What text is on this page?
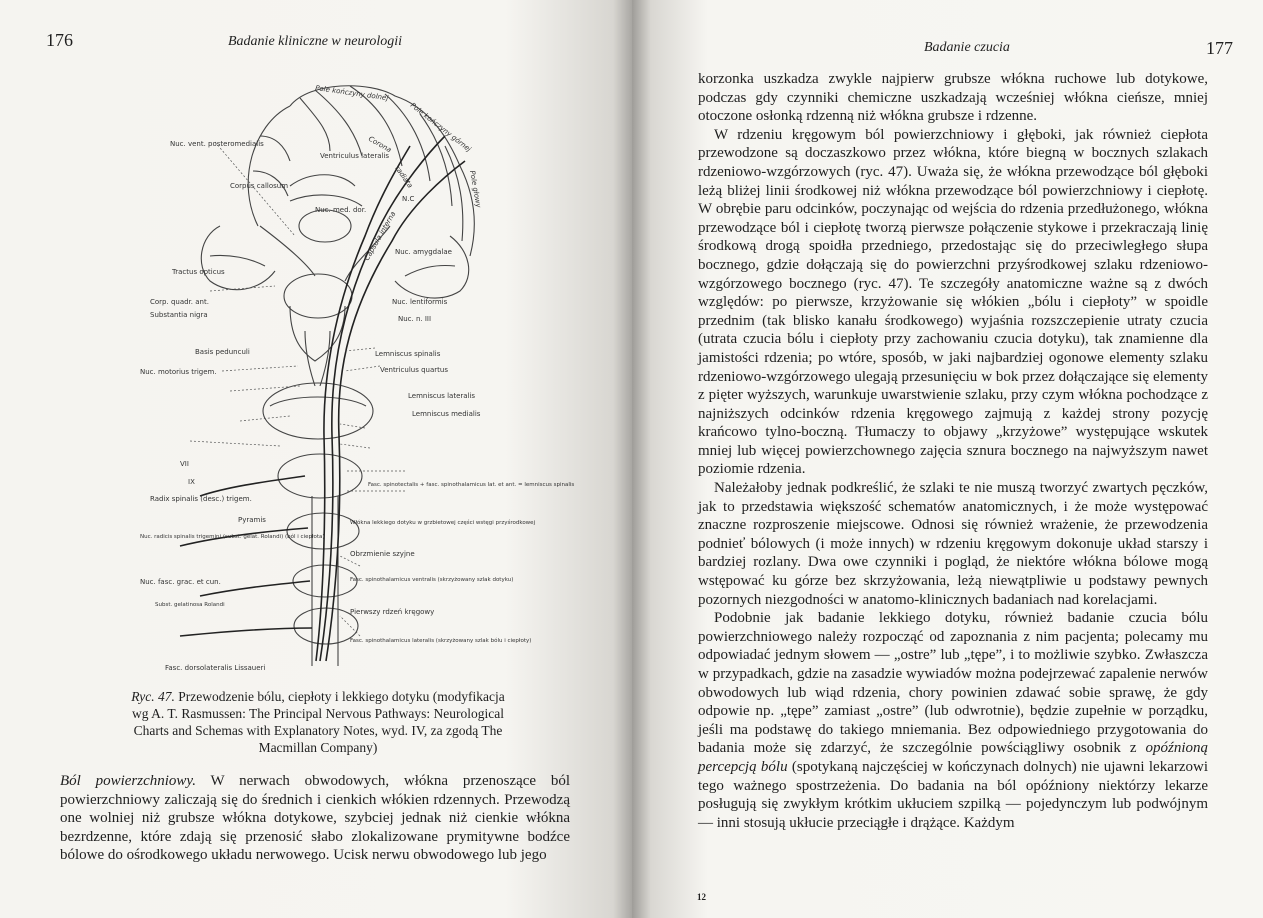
176	Badanie kliniczne w neurologii
Pole kończyny dolnej
Pole kończyny górnej
Pole głowy
Nuc. vent. posteromedialis
Ventriculus lateralis
Corona
radiata
N.C
Corpus callosum
Nuc. med. dor.
Capsula interna
Tractus opticus
Nuc. amygdalae
Corp. quadr. ant.
Substantia nigra
Nuc. lentiformis
Nuc. n. III
Basis pedunculi	Lemniscus spinalis
Nuc. motorius trigem.	Ventriculus quartus
Lemniscus lateralis
Lemniscus medialis
VII
IX
Radix spinalis (desc.) trigem.
Fasc. spinotectalis + fasc. spinothalamicus lat. et ant. = lemniscus spinalis
Pyramis	Włókna lekkiego dotyku w grzbietowej części wstęgi przyśrodkowej
Nuc. radicis spinalis trigemini (subst. gelat. Rolandi) (ból i ciepłota)
Obrzmienie szyjne
Nuc. fasc. grac. et cun.	Fasc. spinothalamicus ventralis (skrzyżowany szlak dotyku)
Subst. gelatinosa Rolandi
Pierwszy rdzeń kręgowy
Fasc. spinothalamicus lateralis (skrzyżowany szlak bólu i ciepłoty)
Fasc. dorsolateralis Lissaueri
Ryc. 47. Przewodzenie bólu, ciepłoty i lekkiego dotyku (modyfikacja wg A. T. Rasmussen: The Principal Nervous Pathways: Neurological Charts and Schemas with Explanatory Notes, wyd. IV, za zgodą The Macmillan Company)
Ból powierzchniowy. W nerwach obwodowych, włókna przenoszące ból powierzchniowy zaliczają się do średnich i cienkich włókien rdzennych. Przewodzą one wolniej niż grubsze włókna dotykowe, szybciej jednak niż cienkie włókna bezrdzenne, które zdają się przenosić słabo zlokalizowane prymitywne bodźce bólowe do ośrodkowego układu nerwowego. Ucisk nerwu obwodowego lub jego
Badanie czucia	177

korzonka uszkadza zwykle najpierw grubsze włókna ruchowe lub dotykowe, podczas gdy czynniki chemiczne uszkadzają wcześniej włókna cieńsze, mniej otoczone osłonką rdzenną niż włókna grubsze i rdzenne.

W rdzeniu kręgowym ból powierzchniowy i głęboki, jak również ciepłota przewodzone są doczaszkowo przez włókna, które biegną w bocznych szlakach rdzeniowo-wzgórzowych (ryc. 47). Uważa się, że włókna przewodzące ból głęboki leżą bliżej linii środkowej niż włókna przewodzące ból powierzchniowy i ciepłotę. W obrębie paru odcinków, poczynając od wejścia do rdzenia przedłużonego, włókna przewodzące ból i ciepłotę tworzą pierwsze połączenie stykowe i przekraczają linię środkową drogą spoidła przedniego, przedostając się do przeciwległego słupa bocznego, gdzie dołączają się do powierzchni przyśrodkowej szlaku rdzeniowo-wzgórzowego bocznego (ryc. 47). Te szczegóły anatomiczne ważne są z dwóch względów: po pierwsze, krzyżowanie się włókien „bólu i ciepłoty” w spoidle przednim (tak blisko kanału środkowego) wyjaśnia rozszczepienie utraty czucia (utrata czucia bólu i ciepłoty przy zachowaniu czucia dotyku), tak znamienne dla jamistości rdzenia; po wtóre, sposób, w jaki najbardziej ogonowe elementy szlaku rdzeniowo-wzgórzowego ulegają przesunięciu w bok przez dołączające się elementy z pięter wyższych, warunkuje uwarstwienie szlaku, przy czym włókna pochodzące z najniższych odcinków rdzenia kręgowego zajmują z każdej strony pozycję krańcowo tylno-boczną. Tłumaczy to objawy „krzyżowe” występujące wskutek mniej lub więcej powierzchownego zajęcia sznura bocznego na najwyższym nawet poziomie rdzenia.

Należałoby jednak podkreślić, że szlaki te nie muszą tworzyć zwartych pęczków, jak to przedstawia większość schematów anatomicznych, i że może występować znaczne rozproszenie miejscowe. Odnosi się również wrażenie, że przewodzenia podnieť bólowych (i może innych) w rdzeniu kręgowym dokonuje układ starszy i bardziej rozlany. Dwa owe czynniki i pogląd, że niektóre włókna bólowe mogą wstępować ku górze bez skrzyżowania, leżą niewątpliwie u podstawy pewnych pozornych niezgodności w anatomo-klinicznych badaniach nad korelacjami.

Podobnie jak badanie lekkiego dotyku, również badanie czucia bólu powierzchniowego należy rozpocząć od zapoznania z nim pacjenta; polecamy mu odpowiadać jednym słowem — „ostre” lub „tępe”, i to możliwie szybko. Zwłaszcza w przypadkach, gdzie na zasadzie wywiadów można podejrzewać zapalenie nerwów obwodowych lub wiąd rdzenia, chory powinien zdawać sobie sprawę, że gdy odpowie np. „tępe” zamiast „ostre” (lub odwrotnie), będzie zupełnie w porządku, jeśli ma podstawę do takiego mniemania. Bez odpowiedniego przygotowania do badania może się zdarzyć, że szczególnie powściągliwy osobnik z opóźnioną percepcją bólu (spotykaną najczęściej w kończynach dolnych) nie ujawni lekarzowi tego ważnego spostrzeżenia. Do badania na ból opóźniony niektórzy lekarze posługują się zwykłym krótkim ukłuciem szpilką — pojedynczym lub podwójnym — inni stosują ukłucie przeciągłe i drążące. Każdym

12
